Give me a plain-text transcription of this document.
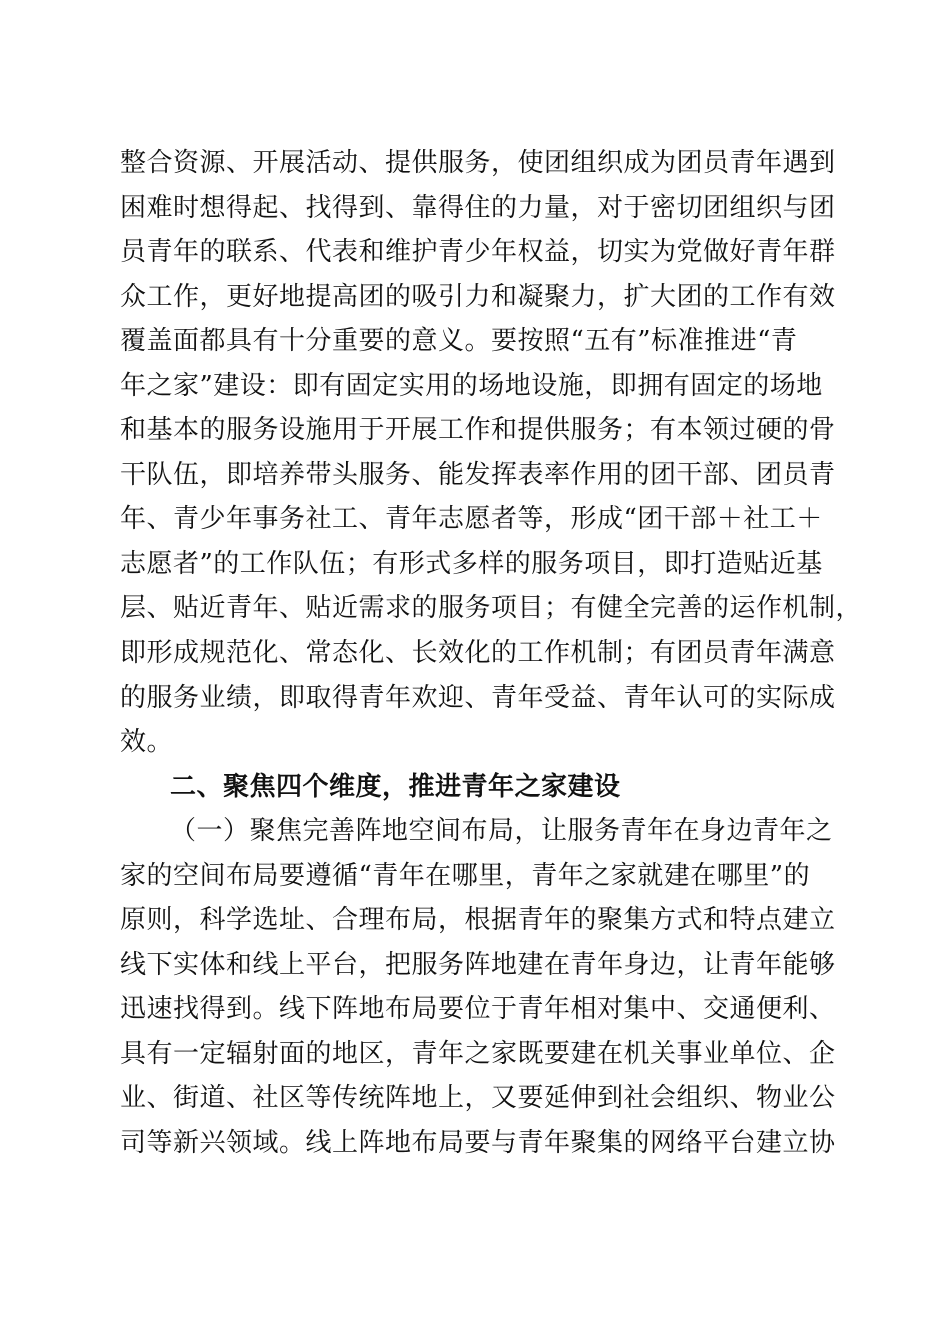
整合资源、开展活动、提供服务，使团组织成为团员青年遇到
困难时想得起、找得到、靠得住的力量，对于密切团组织与团
员青年的联系、代表和维护青少年权益，切实为党做好青年群
众工作，更好地提高团的吸引力和凝聚力，扩大团的工作有效
覆盖面都具有十分重要的意义。要按照“五有”标准推进“青
年之家”建设：即有固定实用的场地设施，即拥有固定的场地
和基本的服务设施用于开展工作和提供服务；有本领过硬的骨
干队伍，即培养带头服务、能发挥表率作用的团干部、团员青
年、青少年事务社工、青年志愿者等，形成“团干部＋社工＋
志愿者”的工作队伍；有形式多样的服务项目，即打造贴近基
层、贴近青年、贴近需求的服务项目；有健全完善的运作机制，
即形成规范化、常态化、长效化的工作机制；有团员青年满意
的服务业绩，即取得青年欢迎、青年受益、青年认可的实际成
效。
二、聚焦四个维度，推进青年之家建设
（一）聚焦完善阵地空间布局，让服务青年在身边青年之
家的空间布局要遵循“青年在哪里，青年之家就建在哪里”的
原则，科学选址、合理布局，根据青年的聚集方式和特点建立
线下实体和线上平台，把服务阵地建在青年身边，让青年能够
迅速找得到。线下阵地布局要位于青年相对集中、交通便利、
具有一定辐射面的地区，青年之家既要建在机关事业单位、企
业、街道、社区等传统阵地上，又要延伸到社会组织、物业公
司等新兴领域。线上阵地布局要与青年聚集的网络平台建立协
